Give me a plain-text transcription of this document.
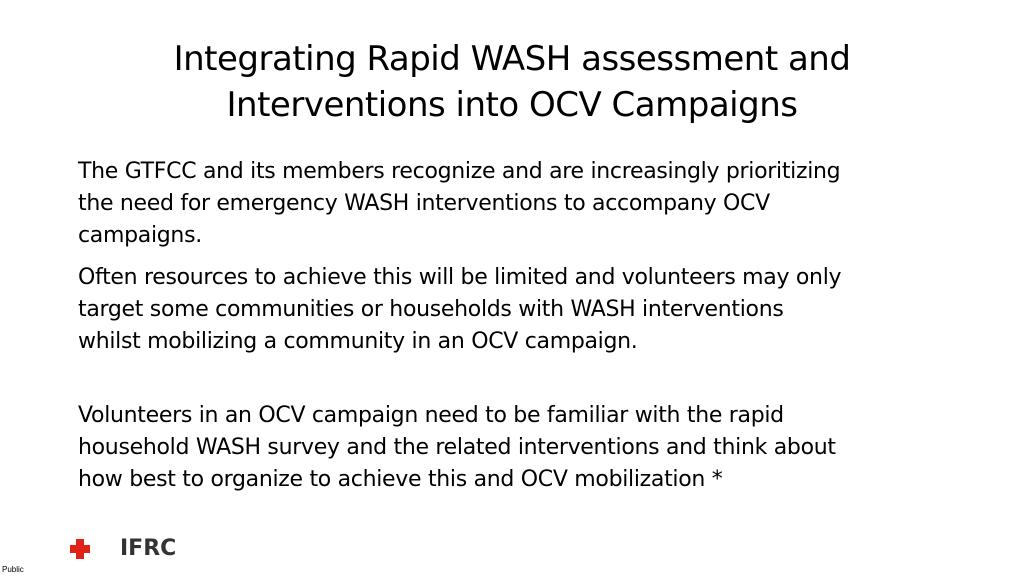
Integrating Rapid WASH assessment and
Interventions into OCV Campaigns

The GTFCC and its members recognize and are increasingly prioritizing
the need for emergency WASH interventions to accompany OCV
campaigns.

Often resources to achieve this will be limited and volunteers may only
target some communities or households with WASH interventions
whilst mobilizing a community in an OCV campaign.

Volunteers in an OCV campaign need to be familiar with the rapid
household WASH survey and the related interventions and think about
how best to organize to achieve this and OCV mobilization *

IFRC
Public
